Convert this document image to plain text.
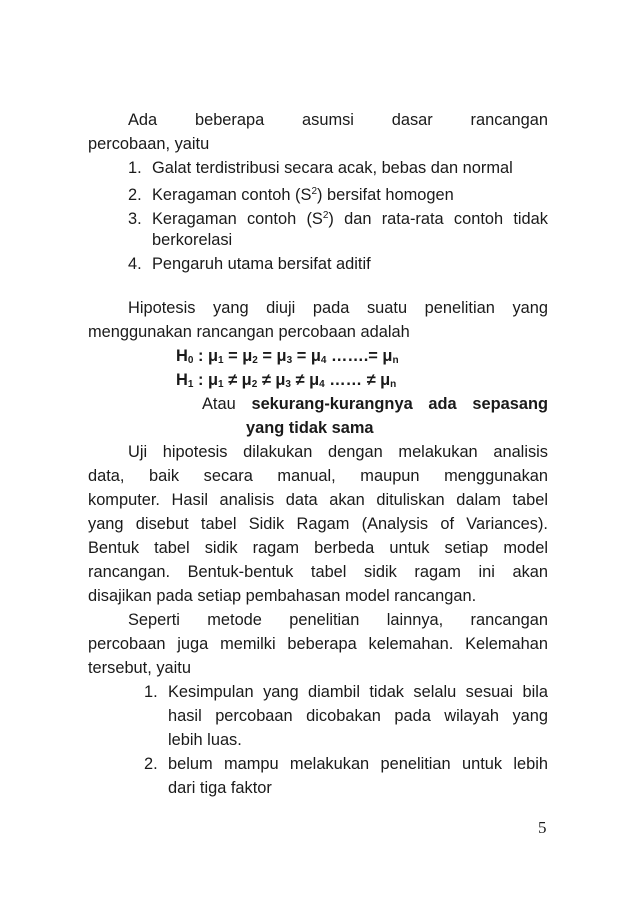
Ada beberapa asumsi dasar rancangan
percobaan, yaitu
1. Galat terdistribusi secara acak, bebas dan normal
2. Keragaman contoh $(S^2)$ bersifat homogen
3. Keragaman contoh $(S^2)$ dan rata-rata contoh tidak
berkorelasi
4. Pengaruh utama bersifat aditif
Hipotesis yang diuji pada suatu penelitian yang
menggunakan rancangan percobaan adalah
$H_0$ : $\mu_1 = \mu_2 = \mu_3 = \mu_4$ …….= $\mu_n$
$H_1$ : $\mu_1 \ne \mu_2 \ne \mu_3 \ne \mu_4$ …… ≠ $\mu_n$
Atau sekurang-kurangnya ada sepasang
yang tidak sama
Uji hipotesis dilakukan dengan melakukan analisis
data, baik secara manual, maupun menggunakan
komputer. Hasil analisis data akan dituliskan dalam tabel
yang disebut tabel Sidik Ragam (Analysis of Variances).
Bentuk tabel sidik ragam berbeda untuk setiap model
rancangan. Bentuk-bentuk tabel sidik ragam ini akan
disajikan pada setiap pembahasan model rancangan.
Seperti metode penelitian lainnya, rancangan
percobaan juga memilki beberapa kelemahan. Kelemahan
tersebut, yaitu
1. Kesimpulan yang diambil tidak selalu sesuai bila
hasil percobaan dicobakan pada wilayah yang
lebih luas.
2. belum mampu melakukan penelitian untuk lebih
dari tiga faktor
5
